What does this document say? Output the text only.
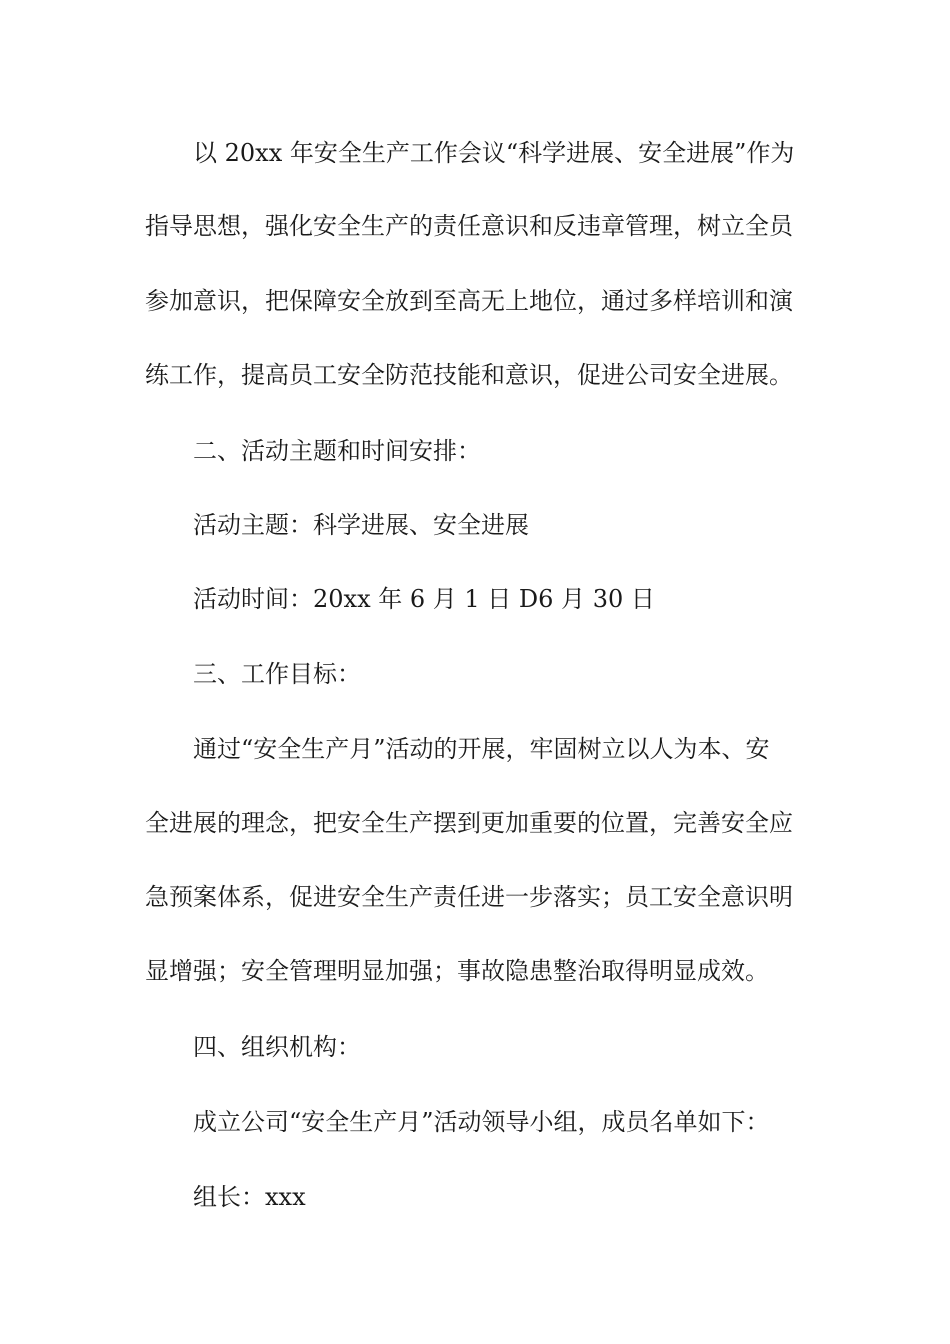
以 20xx 年安全生产工作会议“科学进展、安全进展”作为
指导思想，强化安全生产的责任意识和反违章管理，树立全员
参加意识，把保障安全放到至高无上地位，通过多样培训和演
练工作，提高员工安全防范技能和意识，促进公司安全进展。
二、活动主题和时间安排：
活动主题：科学进展、安全进展
活动时间：20xx 年 6 月 1 日 D6 月 30 日
三、工作目标：
通过“安全生产月”活动的开展，牢固树立以人为本、安
全进展的理念，把安全生产摆到更加重要的位置，完善安全应
急预案体系，促进安全生产责任进一步落实；员工安全意识明
显增强；安全管理明显加强；事故隐患整治取得明显成效。
四、组织机构：
成立公司“安全生产月”活动领导小组，成员名单如下：
组长：xxx
